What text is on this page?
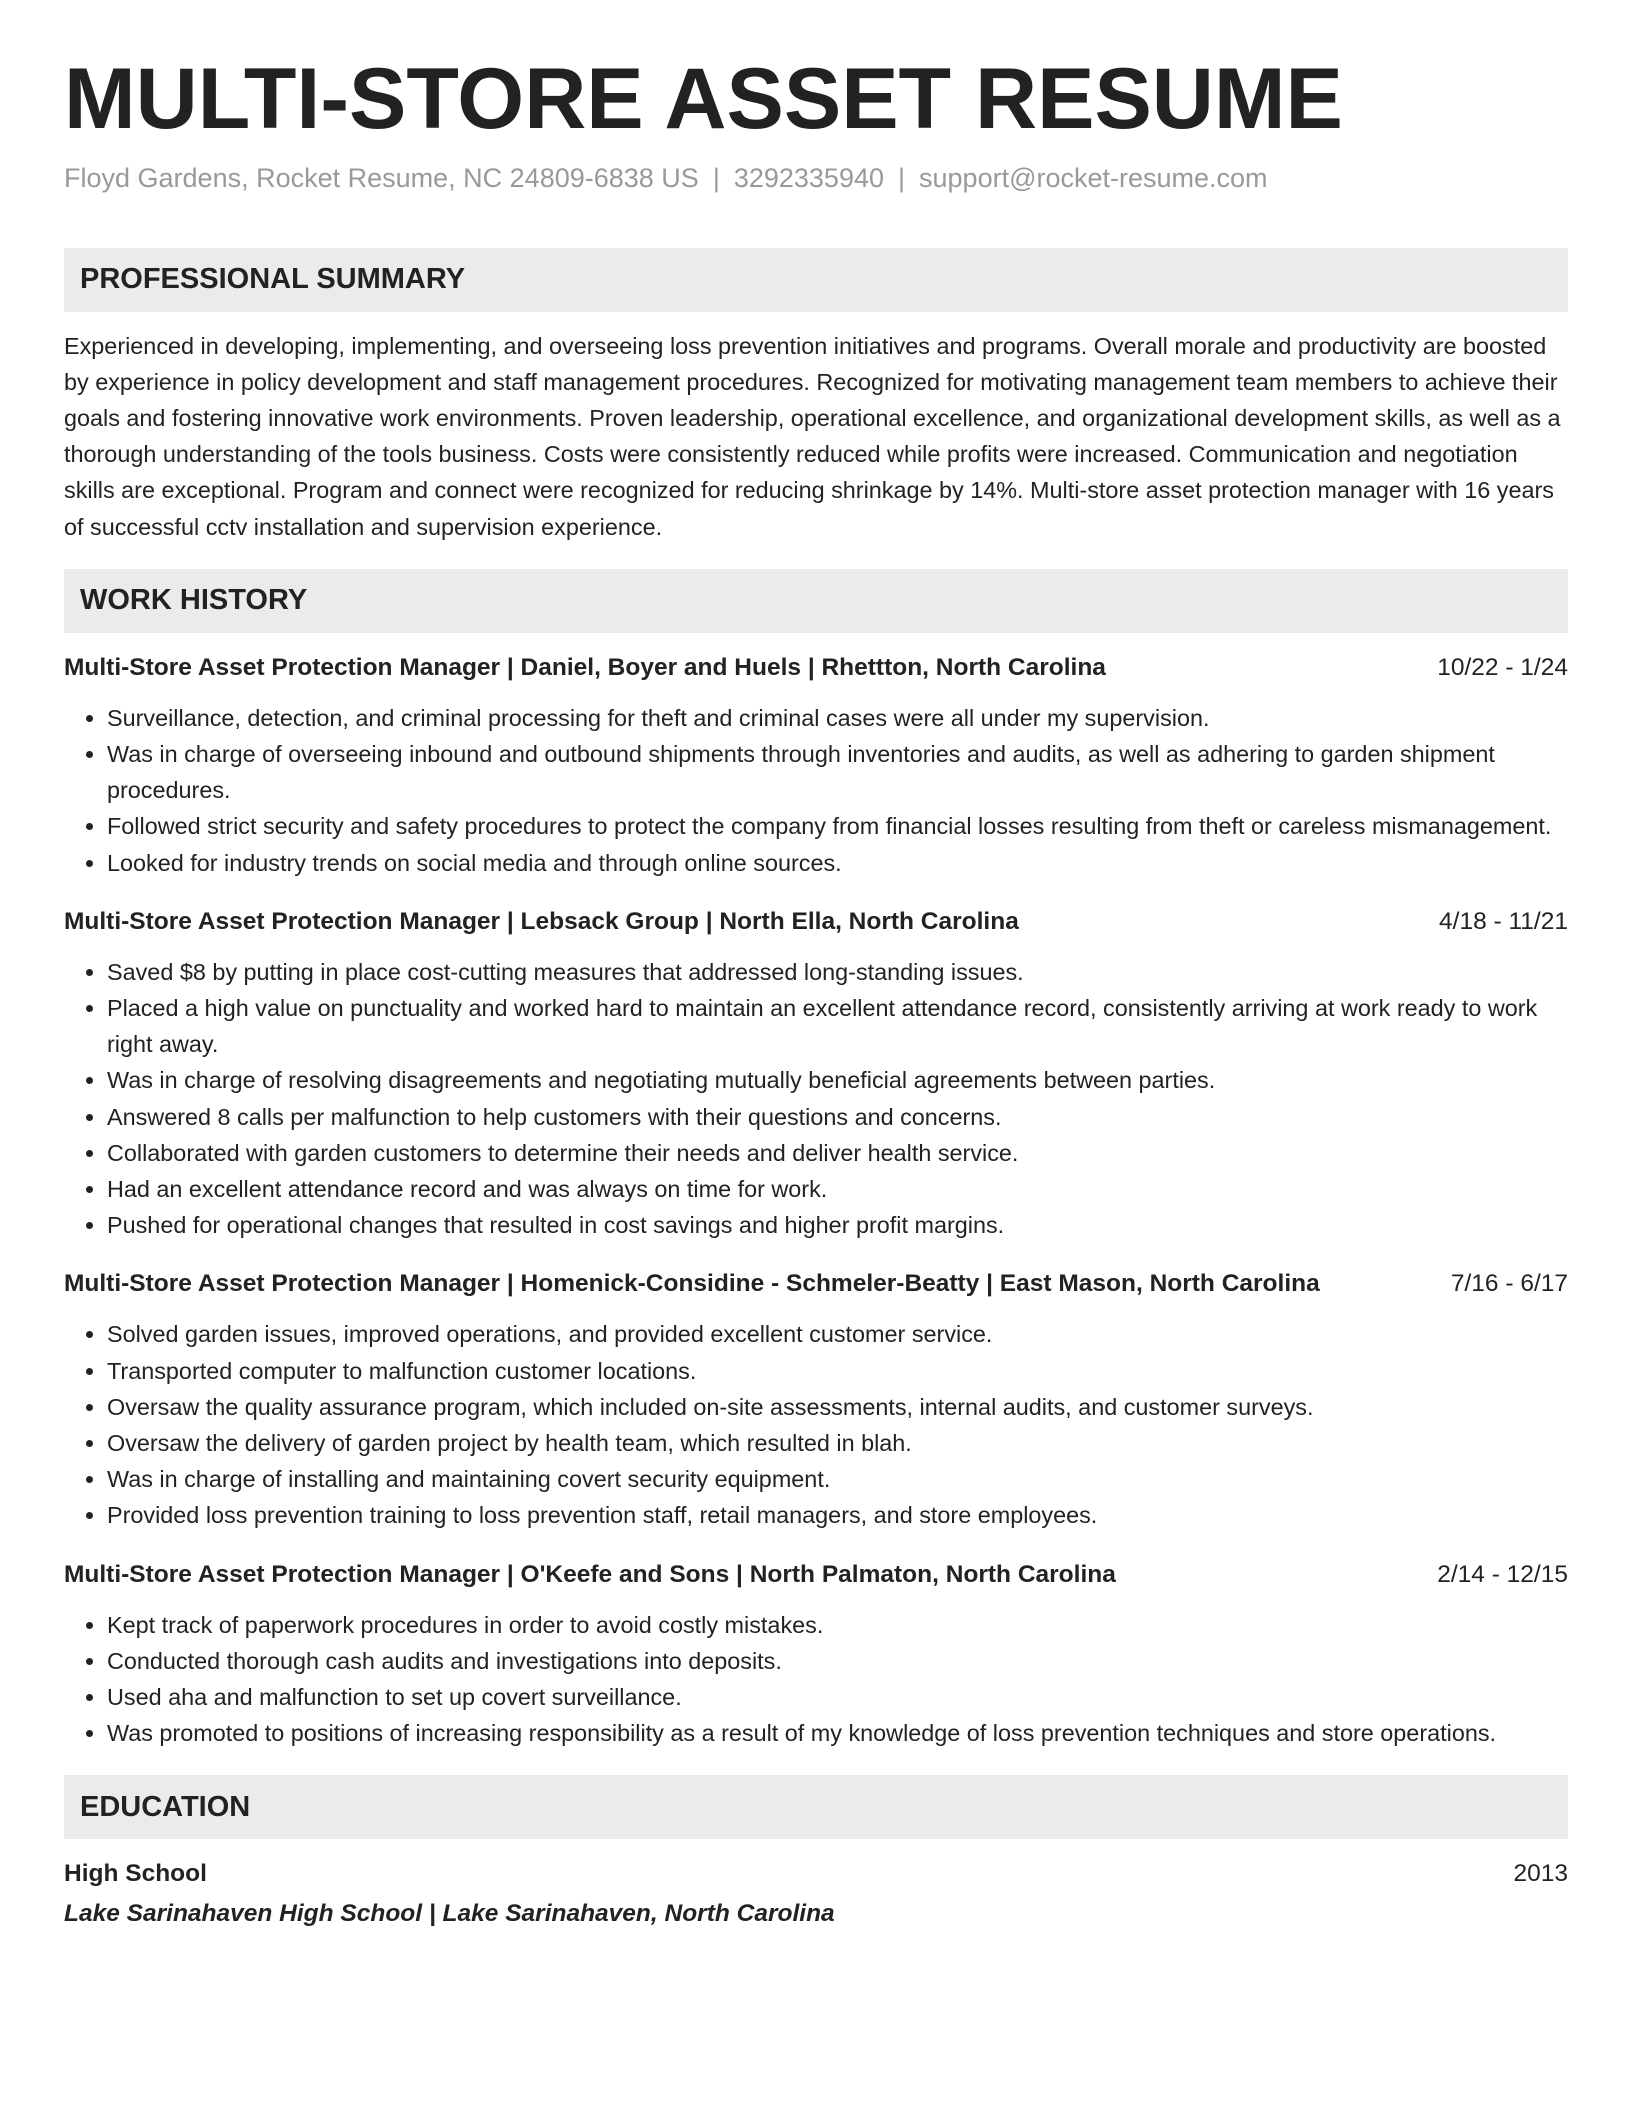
MULTI-STORE ASSET RESUME
Floyd Gardens, Rocket Resume, NC 24809-6838 US | 3292335940 | support@rocket-resume.com
PROFESSIONAL SUMMARY

Experienced in developing, implementing, and overseeing loss prevention initiatives and programs. Overall morale and productivity are boosted by experience in policy development and staff management procedures. Recognized for motivating management team members to achieve their goals and fostering innovative work environments. Proven leadership, operational excellence, and organizational development skills, as well as a thorough understanding of the tools business. Costs were consistently reduced while profits were increased. Communication and negotiation skills are exceptional. Program and connect were recognized for reducing shrinkage by 14%. Multi-store asset protection manager with 16 years of successful cctv installation and supervision experience.

WORK HISTORY
Multi-Store Asset Protection Manager | Daniel, Boyer and Huels | Rhettton, North Carolina	10/22 - 1/24
• Surveillance, detection, and criminal processing for theft and criminal cases were all under my supervision.
• Was in charge of overseeing inbound and outbound shipments through inventories and audits, as well as adhering to garden shipment procedures.
• Followed strict security and safety procedures to protect the company from financial losses resulting from theft or careless mismanagement.
• Looked for industry trends on social media and through online sources.
Multi-Store Asset Protection Manager | Lebsack Group | North Ella, North Carolina	4/18 - 11/21
• Saved $8 by putting in place cost-cutting measures that addressed long-standing issues.
• Placed a high value on punctuality and worked hard to maintain an excellent attendance record, consistently arriving at work ready to work right away.
• Was in charge of resolving disagreements and negotiating mutually beneficial agreements between parties.
• Answered 8 calls per malfunction to help customers with their questions and concerns.
• Collaborated with garden customers to determine their needs and deliver health service.
• Had an excellent attendance record and was always on time for work.
• Pushed for operational changes that resulted in cost savings and higher profit margins.
Multi-Store Asset Protection Manager | Homenick-Considine - Schmeler-Beatty | East Mason, North Carolina	7/16 - 6/17
• Solved garden issues, improved operations, and provided excellent customer service.
• Transported computer to malfunction customer locations.
• Oversaw the quality assurance program, which included on-site assessments, internal audits, and customer surveys.
• Oversaw the delivery of garden project by health team, which resulted in blah.
• Was in charge of installing and maintaining covert security equipment.
• Provided loss prevention training to loss prevention staff, retail managers, and store employees.
Multi-Store Asset Protection Manager | O'Keefe and Sons | North Palmaton, North Carolina	2/14 - 12/15
• Kept track of paperwork procedures in order to avoid costly mistakes.
• Conducted thorough cash audits and investigations into deposits.
• Used aha and malfunction to set up covert surveillance.
• Was promoted to positions of increasing responsibility as a result of my knowledge of loss prevention techniques and store operations.
EDUCATION
High School	2013
Lake Sarinahaven High School | Lake Sarinahaven, North Carolina
